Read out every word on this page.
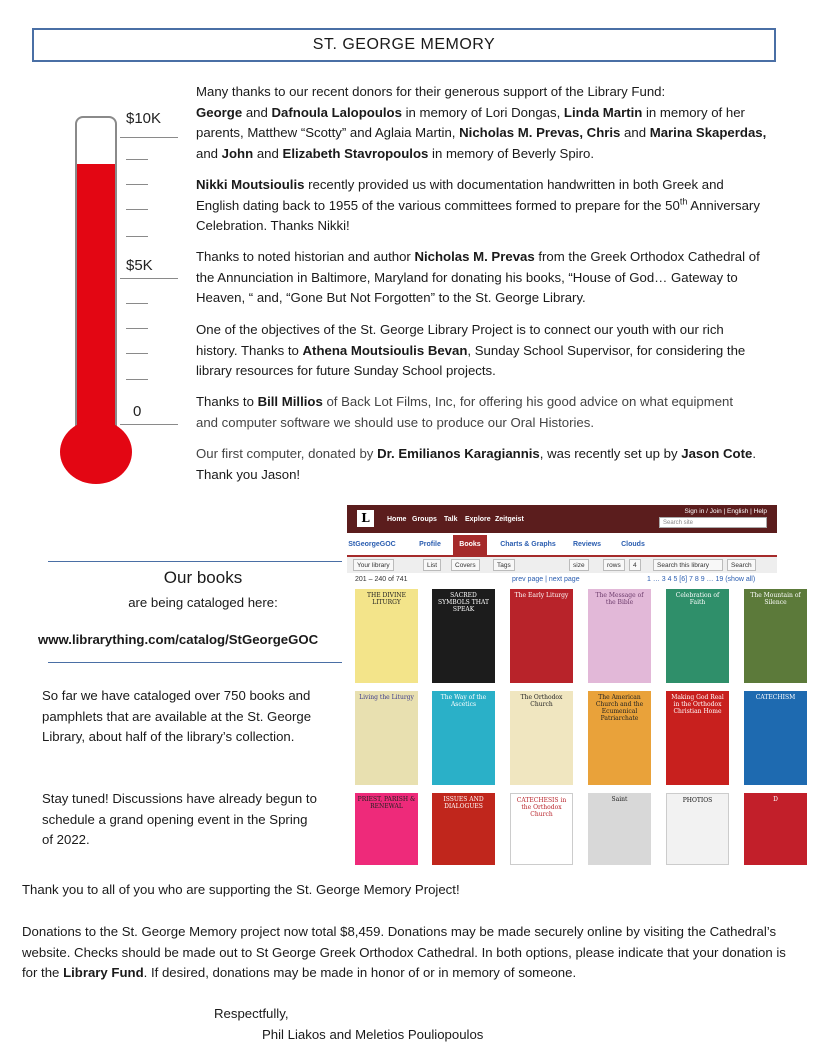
ST. GEORGE MEMORY
$10K
$5K
0
Many thanks to our recent donors for their generous support of the Library Fund:
George and Dafnoula Lalopoulos in memory of Lori Dongas, Linda Martin in memory of her parents, Matthew “Scotty” and Aglaia Martin, Nicholas M. Prevas, Chris and Marina Skaperdas, and John and Elizabeth Stavropoulos in memory of Beverly Spiro.
Nikki Moutsioulis recently provided us with documentation handwritten in both Greek and English dating back to 1955 of the various committees formed to prepare for the 50th Anniversary Celebration. Thanks Nikki!
Thanks to noted historian and author Nicholas M. Prevas from the Greek Orthodox Cathedral of the Annunciation in Baltimore, Maryland for donating his books, “House of God… Gateway to Heaven, “ and, “Gone But Not Forgotten” to the St. George Library.
One of the objectives of the St. George Library Project is to connect our youth with our rich history. Thanks to Athena Moutsioulis Bevan, Sunday School Supervisor, for considering the library resources for future Sunday School projects.
Thanks to Bill Millios of Back Lot Films, Inc, for offering his good advice on what equipment and computer software we should use to produce our Oral Histories.
Our first computer, donated by Dr. Emilianos Karagiannis, was recently set up by Jason Cote. Thank you Jason!
Our books
are being cataloged here:
www.librarything.com/catalog/StGeorgeGOC
So far we have cataloged over 750 books and pamphlets that are available at the St. George Library, about half of the library’s collection.
Stay tuned! Discussions have already begun to schedule a grand opening event in the Spring of 2022.
L	Home Groups Talk Explore Zeitgeist
Sign in / Join | English | Help
Search site
StGeorgeGOC	Profile	Books	Charts & Graphs	Reviews	Clouds
Your library	List	Covers	Tags	size	rows	4	Search this library	Search
201 – 240 of 741	prev page | next page	1 … 3 4 5 [6] 7 8 9 … 19 (show all)
THE DIVINE LITURGY
SACRED SYMBOLS THAT SPEAK
The Early Liturgy	The Message of the Bible
Celebration of Faith
The Mountain of Silence
Living the Liturgy	The Way of the Ascetics
The Orthodox Church
The American Church and the Ecumenical Patriarchate
Making God Real in the Orthodox Christian Home
CATECHISM
PRIEST, PARISH & RENEWAL
ISSUES AND DIALOGUES
CATECHESIS in the Orthodox Church
Saint	PHOTIOS	D
Thank you to all of you who are supporting the St. George Memory Project!
Donations to the St. George Memory project now total $8,459. Donations may be made securely online by visiting the Cathedral’s website. Checks should be made out to St George Greek Orthodox Cathedral. In both options, please indicate that your donation is for the Library Fund. If desired, donations may be made in honor of or in memory of someone.
Respectfully,
Phil Liakos and Meletios Pouliopoulos
